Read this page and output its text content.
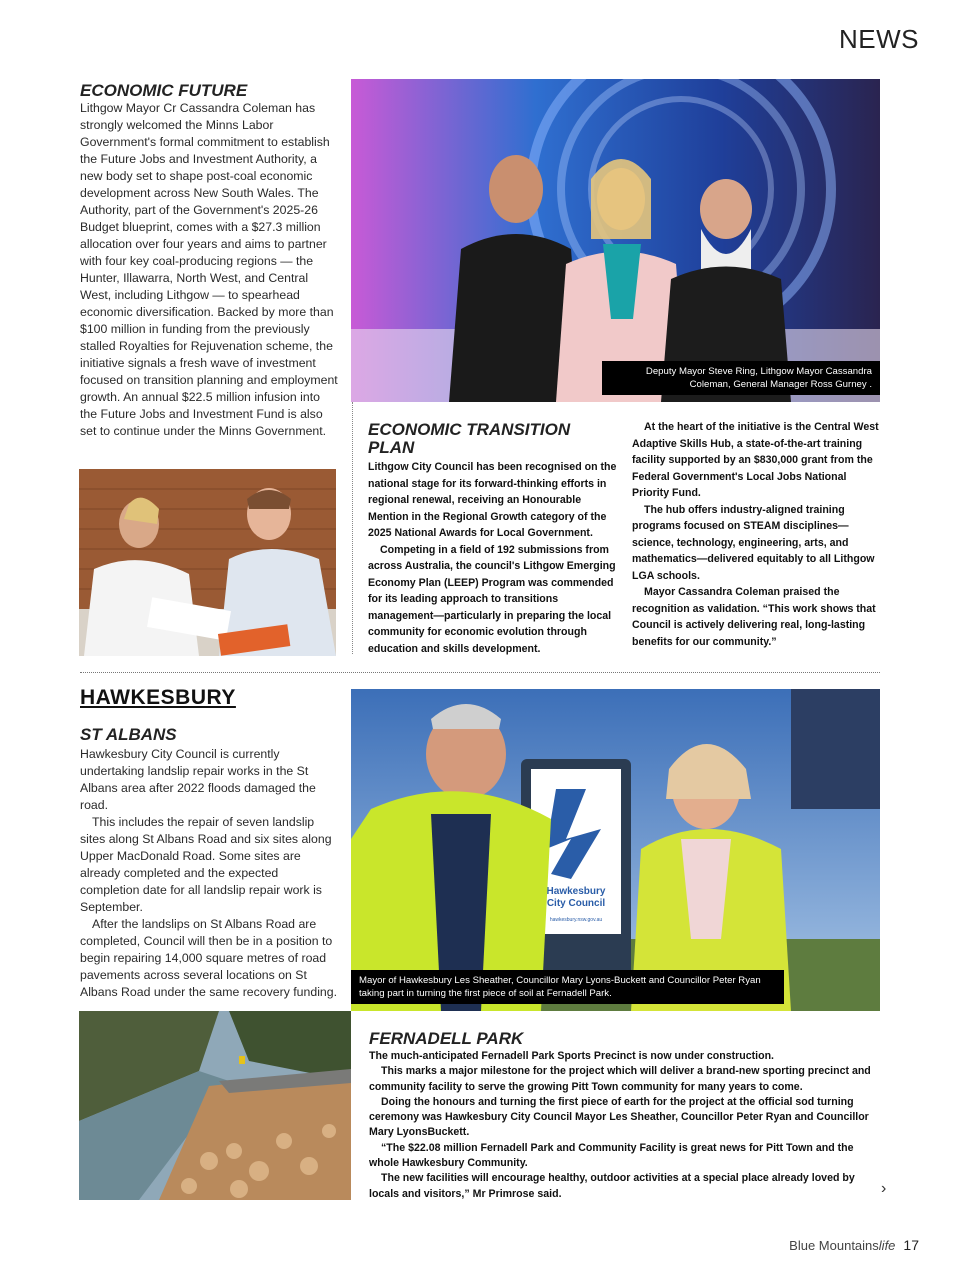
NEWS
ECONOMIC FUTURE

Lithgow Mayor Cr Cassandra Coleman has strongly welcomed the Minns Labor Government's formal commitment to establish the Future Jobs and Investment Authority, a new body set to shape post-coal economic development across New South Wales. The Authority, part of the Government's 2025-26 Budget blueprint, comes with a $27.3 million allocation over four years and aims to partner with four key coal-producing regions — the Hunter, Illawarra, North West, and Central West, including Lithgow — to spearhead economic diversification. Backed by more than $100 million in funding from the previously stalled Royalties for Rejuvenation scheme, the initiative signals a fresh wave of investment focused on transition planning and employment growth. An annual $22.5 million infusion into the Future Jobs and Investment Fund is also set to continue under the Minns Government.

Deputy Mayor Steve Ring, Lithgow Mayor Cassandra Coleman, General Manager Ross Gurney .
ECONOMIC TRANSITION PLAN

Lithgow City Council has been recognised on the national stage for its forward-thinking efforts in regional renewal, receiving an Honourable Mention in the Regional Growth category of the 2025 National Awards for Local Government.

Competing in a field of 192 submissions from across Australia, the council's Lithgow Emerging Economy Plan (LEEP) Program was commended for its leading approach to transitions management—particularly in preparing the local community for economic evolution through education and skills development.

At the heart of the initiative is the Central West Adaptive Skills Hub, a state-of-the-art training facility supported by an $830,000 grant from the Federal Government's Local Jobs National Priority Fund.

The hub offers industry-aligned training programs focused on STEAM disciplines—science, technology, engineering, arts, and mathematics—delivered equitably to all Lithgow LGA schools.

Mayor Cassandra Coleman praised the recognition as validation. “This work shows that Council is actively delivering real, long-lasting benefits for our community.”

HAWKESBURY
ST ALBANS

Hawkesbury City Council is currently undertaking landslip repair works in the St Albans area after 2022 floods damaged the road.

This includes the repair of seven landslip sites along St Albans Road and six sites along Upper MacDonald Road. Some sites are already completed and the expected completion date for all landslip repair work is September.

After the landslips on St Albans Road are completed, Council will then be in a position to begin repairing 14,000 square metres of road pavements across several locations on St Albans Road under the same recovery funding.

Hawkesbury
City Council
hawkesbury.nsw.gov.au
Mayor of Hawkesbury Les Sheather, Councillor Mary Lyons-Buckett and Councillor Peter Ryan taking part in turning the first piece of soil at Fernadell Park.
FERNADELL PARK

The much-anticipated Fernadell Park Sports Precinct is now under construction.

This marks a major milestone for the project which will deliver a brand-new sporting precinct and community facility to serve the growing Pitt Town community for many years to come.

Doing the honours and turning the first piece of earth for the project at the official sod turning ceremony was Hawkesbury City Council Mayor Les Sheather, Councillor Peter Ryan and Councillor Mary LyonsBuckett.

“The $22.08 million Fernadell Park and Community Facility is great news for Pitt Town and the whole Hawkesbury Community.

The new facilities will encourage healthy, outdoor activities at a special place already loved by locals and visitors,” Mr Primrose said.	›
Blue Mountainslife 17
